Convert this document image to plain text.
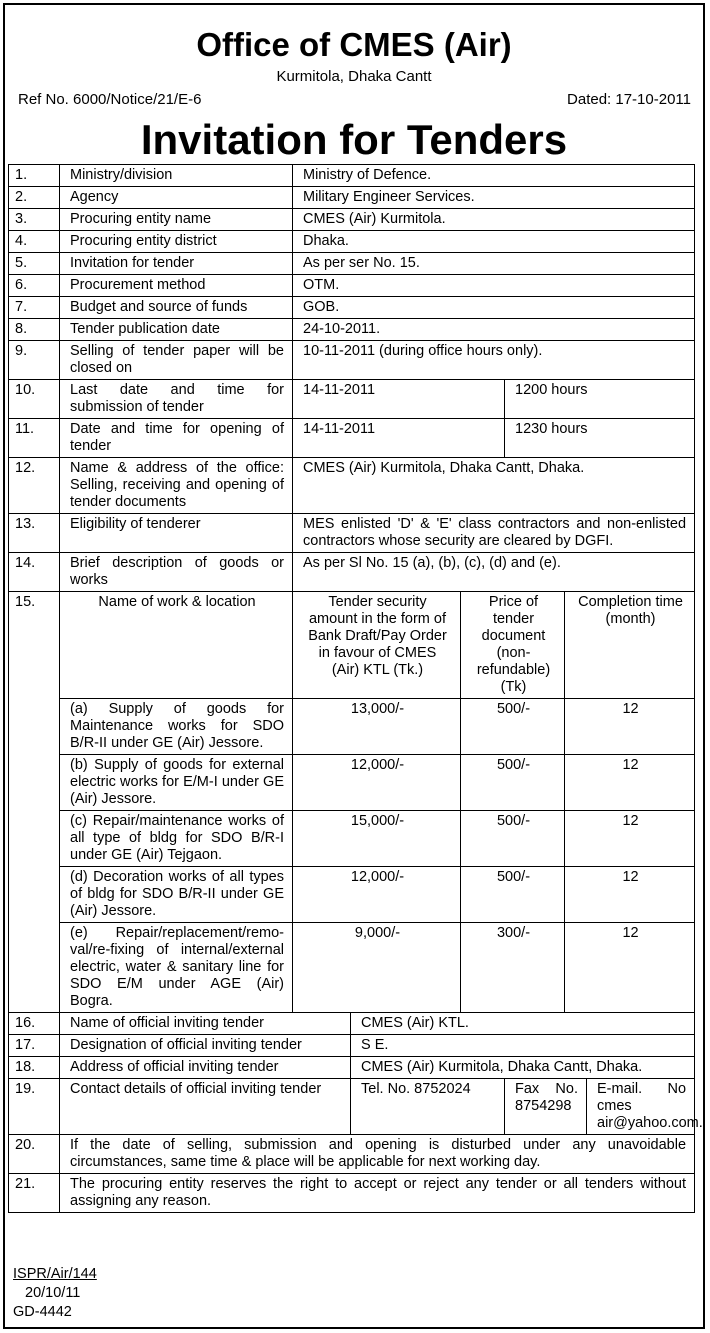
Office of CMES (Air)
Kurmitola, Dhaka Cantt
Ref No. 6000/Notice/21/E-6	Dated: 17-10-2011
Invitation for Tenders
1.	Ministry/division	Ministry of Defence.					
2.	Agency	Military Engineer Services.					
3.	Procuring entity name	CMES (Air) Kurmitola.					
4.	Procuring entity district	Dhaka.					
5.	Invitation for tender	As per ser No. 15.					
6.	Procurement method	OTM.					
7.	Budget and source of funds	GOB.					
8.	Tender publication date	24-10-2011.					
9.	Selling of tender paper will be closed on	10-11-2011 (during office hours only).					
10.	Last date and time for submission of tender	14-11-2011			1200 hours		
11.	Date and time for opening of tender	14-11-2011			1230 hours		
12.	Name & address of the office: Selling, receiving and opening of tender documents	CMES (Air) Kurmitola, Dhaka Cantt, Dhaka.					
13.	Eligibility of tenderer	MES enlisted 'D' & 'E' class contractors and non-enlisted contractors whose security are cleared by DGFI.					
14.	Brief description of goods or works	As per Sl No. 15 (a), (b), (c), (d) and (e).					
15.	Name of work & location	Tender security amount in the form of Bank Draft/Pay Order in favour of CMES (Air) KTL (Tk.)		Price of tender document (non-refundable) (Tk)		Completion time (month)	
	(a) Supply of goods for Maintenance works for SDO B/R-II under GE (Air) Jessore.	13,000/-		500/-		12	
	(b) Supply of goods for external electric works for E/M-I under GE (Air) Jessore.	12,000/-		500/-		12	
	(c) Repair/maintenance works of all type of bldg for SDO B/R-I under GE (Air) Tejgaon.	15,000/-		500/-		12	
	(d) Decoration works of all types of bldg for SDO B/R-II under GE (Air) Jessore.	12,000/-		500/-		12	
	(e) Repair/replacement/remo-val/re-fixing of internal/external electric, water & sanitary line for SDO E/M under AGE (Air) Bogra.	9,000/-		300/-		12	
16.	Name of official inviting tender		CMES (Air) KTL.				
17.	Designation of official inviting tender		S E.				
18.	Address of official inviting tender		CMES (Air) Kurmitola, Dhaka Cantt, Dhaka.				
19.	Contact details of official inviting tender		Tel. No. 8752024		Fax No. 8754298		E-mail. No cmes air@yahoo.com.
20.	If the date of selling, submission and opening is disturbed under any unavoidable circumstances, same time & place will be applicable for next working day.						
21.	The procuring entity reserves the right to accept or reject any tender or all tenders without assigning any reason.						
ISPR/Air/144
20/10/11
GD-4442
